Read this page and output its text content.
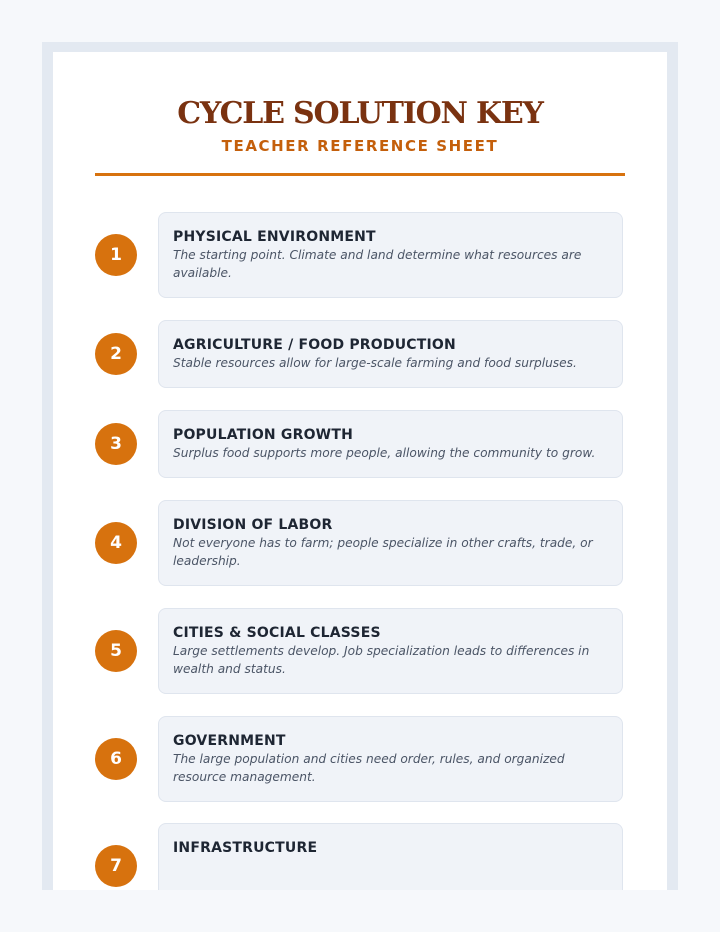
CYCLE SOLUTION KEY
TEACHER REFERENCE SHEET
1
PHYSICAL ENVIRONMENT
The starting point. Climate and land determine what resources are available.
2	AGRICULTURE / FOOD PRODUCTION
Stable resources allow for large-scale farming and food surpluses.
3	POPULATION GROWTH
Surplus food supports more people, allowing the community to grow.
4
DIVISION OF LABOR
Not everyone has to farm; people specialize in other crafts, trade, or leadership.
5
CITIES & SOCIAL CLASSES
Large settlements develop. Job specialization leads to differences in wealth and status.
6
GOVERNMENT
The large population and cities need order, rules, and organized resource management.
7
INFRASTRUCTURE
